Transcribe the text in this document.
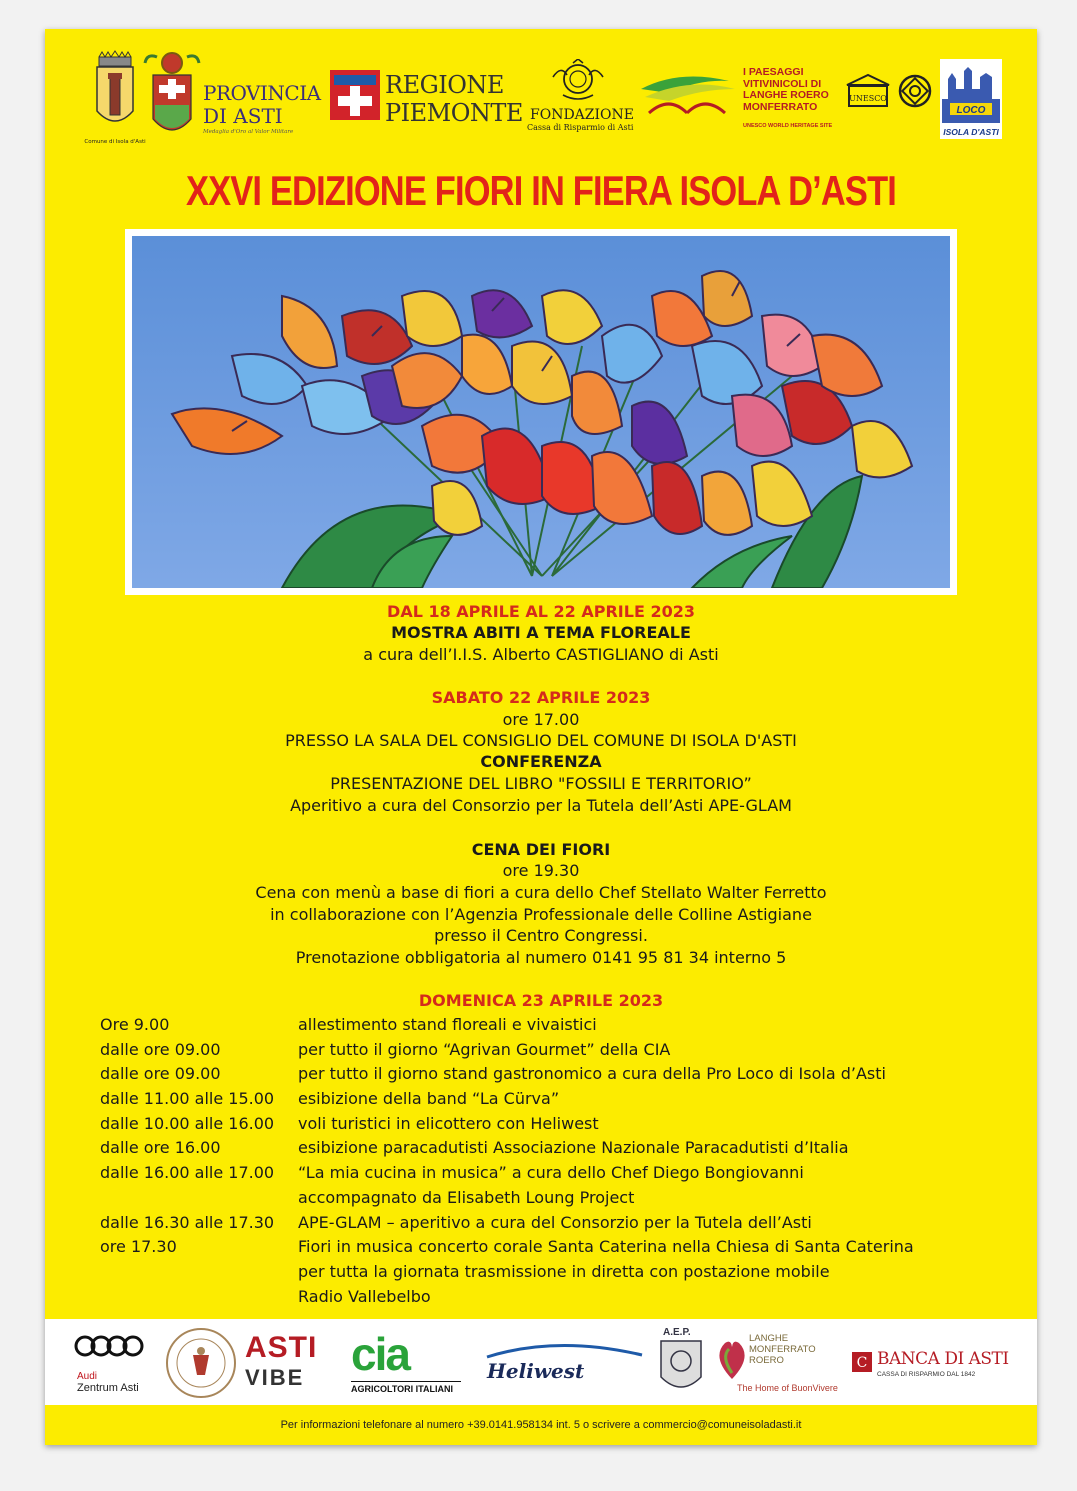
Comune di Isola d'Asti
PROVINCIA
DI ASTI
Medaglia d'Oro al Valor Militare
REGIONE
PIEMONTE FONDAZIONE
Cassa di Risparmio di Asti
I PAESAGGI
VITIVINICOLI DI
LANGHE ROERO
MONFERRATO
UNESCO WORLD HERITAGE SITE
UNESCO
LOCO
ISOLA D'ASTI
XXVI EDIZIONE FIORI IN FIERA ISOLA D’ASTI
DAL 18 APRILE AL 22 APRILE 2023
MOSTRA ABITI A TEMA FLOREALE
a cura dell’I.I.S. Alberto CASTIGLIANO di Asti
SABATO 22 APRILE 2023
ore 17.00
PRESSO LA SALA DEL CONSIGLIO DEL COMUNE DI ISOLA D'ASTI
CONFERENZA
PRESENTAZIONE DEL LIBRO "FOSSILI E TERRITORIO”
Aperitivo a cura del Consorzio per la Tutela dell’Asti APE-GLAM
CENA DEI FIORI
ore 19.30
Cena con menù a base di fiori a cura dello Chef Stellato Walter Ferretto
in collaborazione con l’Agenzia Professionale delle Colline Astigiane
presso il Centro Congressi.
Prenotazione obbligatoria al numero 0141 95 81 34 interno 5
DOMENICA 23 APRILE 2023
Ore 9.00	allestimento stand floreali e vivaistici
dalle ore 09.00	per tutto il giorno “Agrivan Gourmet” della CIA
dalle ore 09.00	per tutto il giorno stand gastronomico a cura della Pro Loco di Isola d’Asti
dalle 11.00 alle 15.00 esibizione della band “La Cürva”
dalle 10.00 alle 16.00 voli turistici in elicottero con Heliwest
dalle ore 16.00	esibizione paracadutisti Associazione Nazionale Paracadutisti d’Italia
dalle 16.00 alle 17.00 “La mia cucina in musica” a cura dello Chef Diego Bongiovanni
accompagnato da Elisabeth Loung Project
dalle 16.30 alle 17.30 APE-GLAM – aperitivo a cura del Consorzio per la Tutela dell’Asti
ore 17.30	Fiori in musica concerto corale Santa Caterina nella Chiesa di Santa Caterina
per tutta la giornata trasmissione in diretta con postazione mobile
Radio Vallebelbo
Audi
Zentrum Asti
ASTI
VIBE	cia
AGRICOLTORI ITALIANI
Heliwest
A.E.P.
LANGHE
MONFERRATO
ROERO
The Home of BuonVivere
C BANCA DI ASTI
CASSA DI RISPARMIO DAL 1842
Per informazioni telefonare al numero +39.0141.958134 int. 5 o scrivere a commercio@comuneisoladasti.it
